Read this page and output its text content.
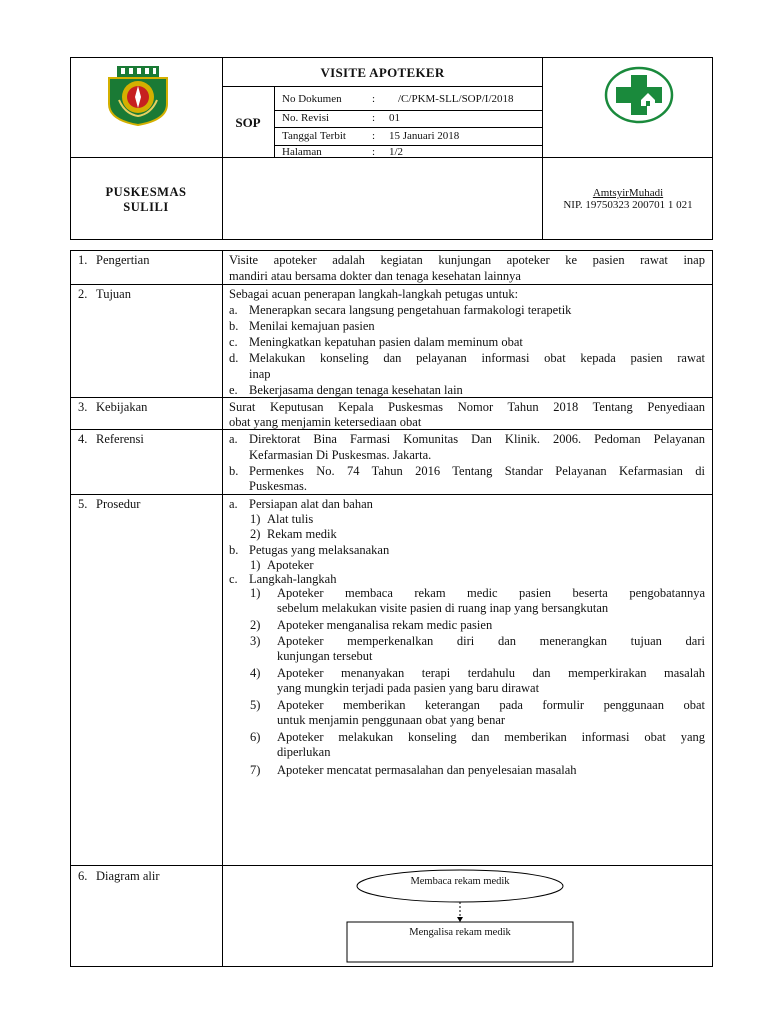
VISITE APOTEKER
SOP
No Dokumen	: /C/PKM-SLL/SOP/I/2018
No. Revisi	: 01
Tanggal Terbit : 15 Januari 2018
Halaman	: 1/2
PUSKESMAS
SULILI
AmtsyirMuhadi
NIP. 19750323 200701 1 021
1. Pengertian	Visite apoteker adalah kegiatan kunjungan apoteker ke pasien rawat inap
mandiri atau bersama dokter dan tenaga kesehatan lainnya
2. Tujuan	Sebagai acuan penerapan langkah-langkah petugas untuk:
a. Menerapkan secara langsung pengetahuan farmakologi terapetik
b. Menilai kemajuan pasien
c. Meningkatkan kepatuhan pasien dalam meminum obat
d. Melakukan konseling dan pelayanan informasi obat kepada pasien rawat
inap
e. Bekerjasama dengan tenaga kesehatan lain
3. Kebijakan	Surat Keputusan Kepala Puskesmas Nomor Tahun 2018 Tentang Penyediaan
obat yang menjamin ketersediaan obat
4. Referensi	a. Direktorat Bina Farmasi Komunitas Dan Klinik. 2006. Pedoman Pelayanan
Kefarmasian Di Puskesmas. Jakarta.
b. Permenkes No. 74 Tahun 2016 Tentang Standar Pelayanan Kefarmasian di
Puskesmas.
5. Prosedur	a. Persiapan alat dan bahan
1) Alat tulis
2) Rekam medik
b. Petugas yang melaksanakan
1) Apoteker
c. Langkah-langkah
1) Apoteker membaca rekam medic pasien beserta pengobatannya
sebelum melakukan visite pasien di ruang inap yang bersangkutan
2) Apoteker menganalisa rekam medic pasien
3) Apoteker memperkenalkan diri dan menerangkan tujuan dari
kunjungan tersebut
4) Apoteker menanyakan terapi terdahulu dan memperkirakan masalah
yang mungkin terjadi pada pasien yang baru dirawat
5) Apoteker memberikan keterangan pada formulir penggunaan obat
untuk menjamin penggunaan obat yang benar
6) Apoteker melakukan konseling dan memberikan informasi obat yang
diperlukan
7) Apoteker mencatat permasalahan dan penyelesaian masalah
6. Diagram alir	Membaca rekam medik
Mengalisa rekam medik
